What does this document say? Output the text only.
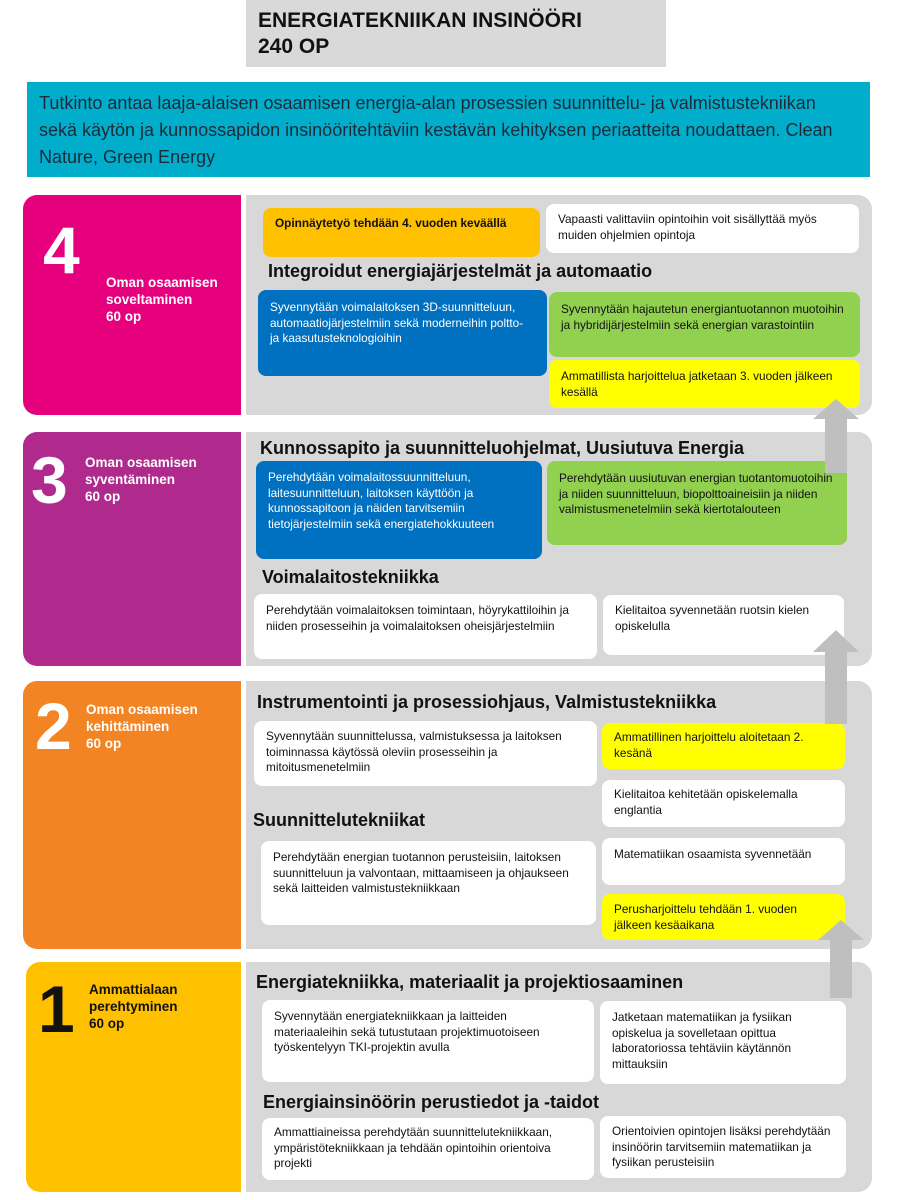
ENERGIATEKNIIKAN INSINÖÖRI
240 OP
Tutkinto antaa laaja-alaisen osaamisen energia-alan prosessien suunnittelu- ja valmistustekniikan sekä käytön ja kunnossapidon insinööritehtäviin kestävän kehityksen periaatteita noudattaen. Clean Nature, Green Energy
4 Oman osaamisen
soveltaminen
60 op
Opinnäytetyö tehdään 4. vuoden keväällä	Vapaasti valittaviin opintoihin voit sisällyttää myös muiden ohjelmien opintoja
Integroidut energiajärjestelmät ja automaatio
Syvennytään voimalaitoksen 3D-suunnitteluun, automaatiojärjestelmiin sekä moderneihin poltto- ja kaasutusteknologioihin
Syvennytään hajautetun energiantuotannon muotoihin ja hybridijärjestelmiin sekä energian varastointiin
Ammatillista harjoittelua jatketaan 3. vuoden jälkeen kesällä
3 Oman osaamisen
syventäminen
60 op
Kunnossapito ja suunnitteluohjelmat, Uusiutuva Energia
Perehdytään voimalaitossuunnitteluun, laitesuunnitteluun, laitoksen käyttöön ja kunnossapitoon ja näiden tarvitsemiin tietojärjestelmiin sekä energiatehokkuuteen
Perehdytään uusiutuvan energian tuotantomuotoihin ja niiden suunnitteluun, biopolttoaineisiin ja niiden valmistusmenetelmiin sekä kiertotalouteen
Voimalaitostekniikka
Perehdytään voimalaitoksen toimintaan, höyrykattiloihin ja niiden prosesseihin ja voimalaitoksen oheisjärjestelmiin
Kielitaitoa syvennetään ruotsin kielen opiskelulla
2 Oman osaamisen
kehittäminen
60 op
Instrumentointi ja prosessiohjaus, Valmistustekniikka
Syvennytään suunnittelussa, valmistuksessa ja laitoksen toiminnassa käytössä oleviin prosesseihin ja mitoitusmenetelmiin
Ammatillinen harjoittelu aloitetaan 2. kesänä
Kielitaitoa kehitetään opiskelemalla englantia
Suunnittelutekniikat
Perehdytään energian tuotannon perusteisiin, laitoksen suunnitteluun ja valvontaan, mittaamiseen ja ohjaukseen sekä laitteiden valmistustekniikkaan
Matematiikan osaamista syvennetään
Perusharjoittelu tehdään 1. vuoden jälkeen kesäaikana
1 Ammattialaan
perehtyminen
60 op
Energiatekniikka, materiaalit ja projektiosaaminen
Syvennytään energiatekniikkaan ja laitteiden materiaaleihin sekä tutustutaan projektimuotoiseen työskentelyyn TKI-projektin avulla
Jatketaan matematiikan ja fysiikan opiskelua ja sovelletaan opittua laboratoriossa tehtäviin käytännön mittauksiin
Energiainsinöörin perustiedot ja -taidot
Ammattiaineissa perehdytään suunnittelutekniikkaan, ympäristötekniikkaan ja tehdään opintoihin orientoiva projekti
Orientoivien opintojen lisäksi perehdytään insinöörin tarvitsemiin matematiikan ja fysiikan perusteisiin
